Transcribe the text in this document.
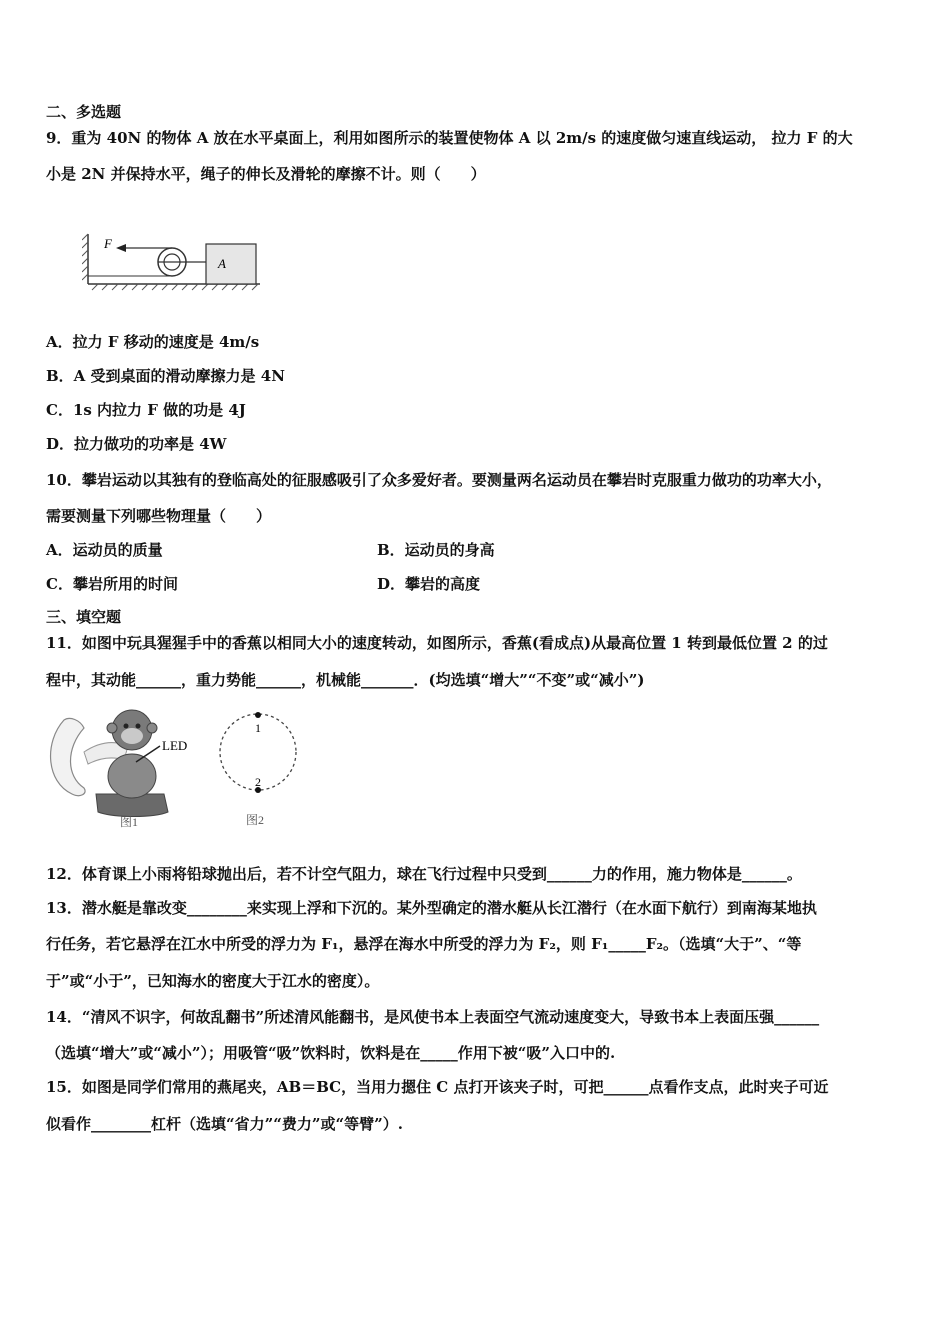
二、多选题
9．重为 40N 的物体 A 放在水平桌面上，利用如图所示的装置使物体 A 以 2m/s 的速度做匀速直线运动， 拉力 F 的大
小是 2N 并保持水平，绳子的伸长及滑轮的摩擦不计。则（　　）
F
A
A．拉力 F 移动的速度是 4m/s
B．A 受到桌面的滑动摩擦力是 4N
C．1s 内拉力 F 做的功是 4J
D．拉力做功的功率是 4W
10．攀岩运动以其独有的登临高处的征服感吸引了众多爱好者。要测量两名运动员在攀岩时克服重力做功的功率大小，
需要测量下列哪些物理量（　　）
A．运动员的质量	B．运动员的身高
C．攀岩所用的时间	D．攀岩的高度
三、填空题
11．如图中玩具猩猩手中的香蕉以相同大小的速度转动，如图所示，香蕉(看成点)从最高位置 1 转到最低位置 2 的过
程中，其动能______，重力势能______，机械能_______．(均选填“增大”“不变”或“减小”)
LED
图1
1
2
图2
12．体育课上小雨将铅球抛出后，若不计空气阻力，球在飞行过程中只受到______力的作用，施力物体是______。
13．潜水艇是靠改变________来实现上浮和下沉的。某外型确定的潜水艇从长江潜行（在水面下航行）到南海某地执
行任务，若它悬浮在江水中所受的浮力为 F₁，悬浮在海水中所受的浮力为 F₂，则 F₁_____F₂。（选填“大于”、“等
于”或“小于”，已知海水的密度大于江水的密度）。
14．“清风不识字，何故乱翻书”所述清风能翻书，是风使书本上表面空气流动速度变大，导致书本上表面压强______
（选填“增大”或“减小”）；用吸管“吸”饮料时，饮料是在_____作用下被“吸”入口中的.
15．如图是同学们常用的燕尾夹，AB＝BC，当用力摁住 C 点打开该夹子时，可把______点看作支点，此时夹子可近
似看作________杠杆（选填“省力”“费力”或“等臂”）.
